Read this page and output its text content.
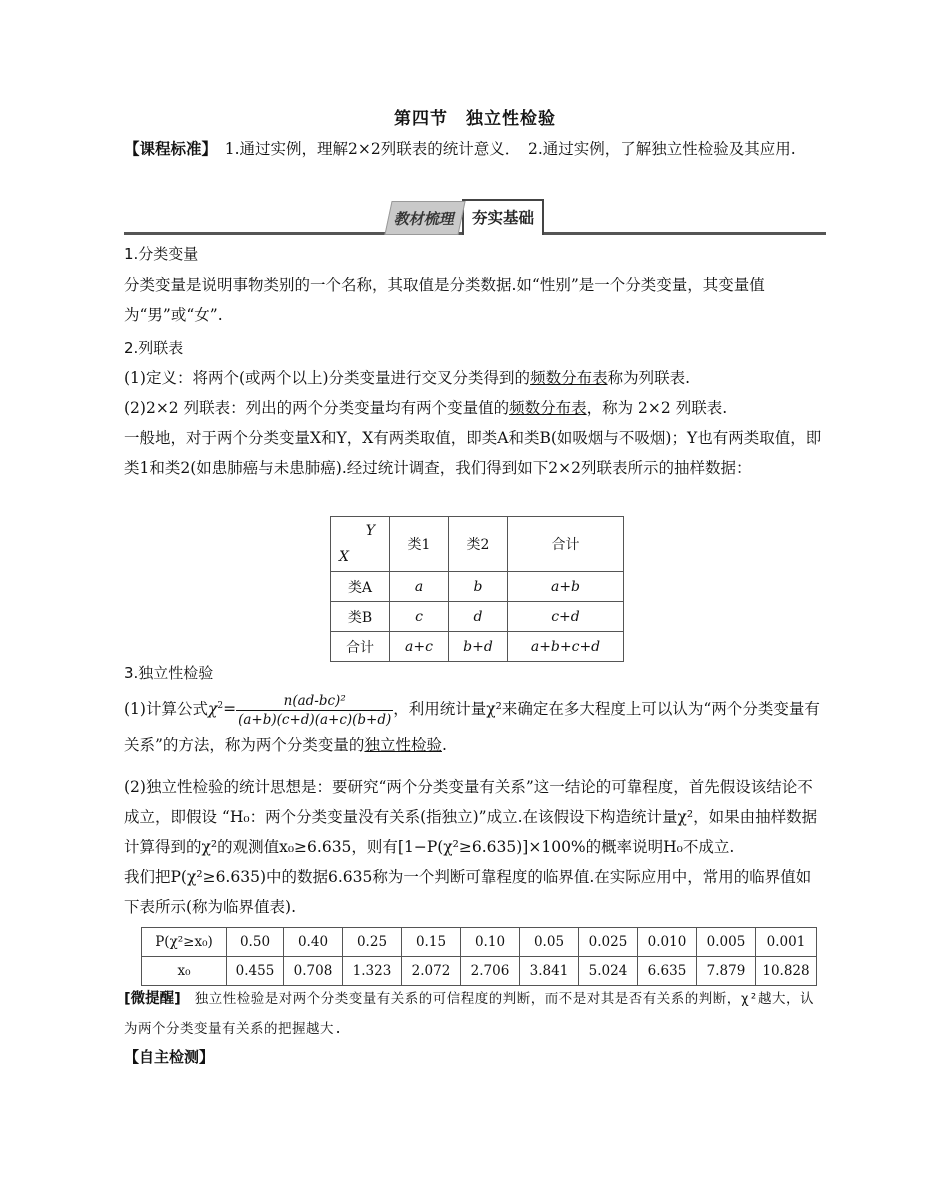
第四节　独立性检验
【课程标准】　1.通过实例，理解2×2列联表的统计意义．　2.通过实例，了解独立性检验及其应用.
教材梳理 夯实基础
1.分类变量
分类变量是说明事物类别的一个名称，其取值是分类数据.如“性别”是一个分类变量，其变量值为“男”或“女”.
2.列联表
(1)定义：将两个(或两个以上)分类变量进行交叉分类得到的频数分布表称为列联表.
(2)2×2 列联表：列出的两个分类变量均有两个变量值的频数分布表，称为 2×2 列联表.
一般地，对于两个分类变量X和Y，X有两类取值，即类A和类B(如吸烟与不吸烟)；Y也有两类取值，即类1和类2(如患肺癌与未患肺癌).经过统计调查，我们得到如下2×2列联表所示的抽样数据：
Y
X	类1	类2	合计
类A	a	b	a+b
类B	c	d	c+d
合计	a+c	b+d	a+b+c+d
3.独立性检验
(1)计算公式$\chi^2= \frac{\text{n(ad-bc)²}}{(a+b)(c+d)(a+c)(b+d)}$ ，利用统计量χ²来确定在多大程度上可以认为“两个分类变量有关系”的方法，称为两个分类变量的独立性检验.
(2)独立性检验的统计思想是：要研究“两个分类变量有关系”这一结论的可靠程度，首先假设该结论不成立，即假设 “H₀：两个分类变量没有关系(指独立)”成立.在该假设下构造统计量χ²，如果由抽样数据计算得到的χ²的观测值x₀≥6.635，则有[1−P(χ²≥6.635)]×100%的概率说明H₀不成立.
我们把P(χ²≥6.635)中的数据6.635称为一个判断可靠程度的临界值.在实际应用中，常用的临界值如下表所示(称为临界值表).
P(χ²≥x₀)	0.50	0.40	0.25	0.15	0.10	0.05	0.025	0.010	0.005	0.001
x₀	0.455	0.708	1.323	2.072	2.706	3.841	5.024	6.635	7.879	10.828
[微提醒]　独立性检验是对两个分类变量有关系的可信程度的判断，而不是对其是否有关系的判断，χ²越大，认为两个分类变量有关系的把握越大.
【自主检测】
